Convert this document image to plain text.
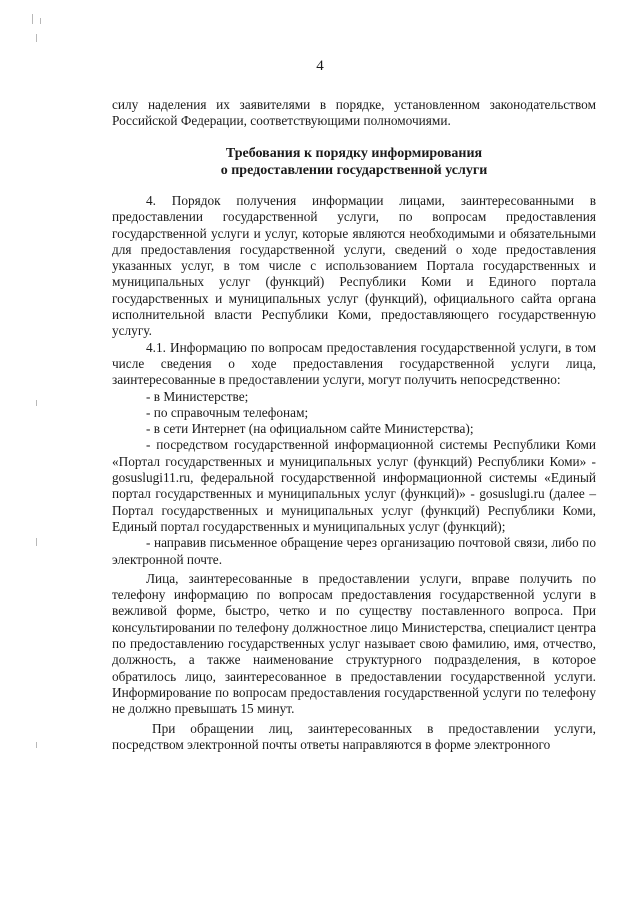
4

силу наделения их заявителями в порядке, установленном законодательством Российской Федерации, соответствующими полномочиями.

Требования к порядку информирования
о предоставлении государственной услуги

4. Порядок получения информации лицами, заинтересованными в предоставлении государственной услуги, по вопросам предоставления государственной услуги и услуг, которые являются необходимыми и обязательными для предоставления государственной услуги, сведений о ходе предоставления указанных услуг, в том числе с использованием Портала государственных и муниципальных услуг (функций) Республики Коми и Единого портала государственных и муниципальных услуг (функций), официального сайта органа исполнительной власти Республики Коми, предоставляющего государственную услугу.

4.1. Информацию по вопросам предоставления государственной услуги, в том числе сведения о ходе предоставления государственной услуги лица, заинтересованные в предоставлении услуги, могут получить непосредственно:

- в Министерстве;

- по справочным телефонам;

- в сети Интернет (на официальном сайте Министерства);

- посредством государственной информационной системы Республики Коми «Портал государственных и муниципальных услуг (функций) Республики Коми» - gosuslugi11.ru, федеральной государственной информационной системы «Единый портал государственных и муниципальных услуг (функций)» - gosuslugi.ru (далее – Портал государственных и муниципальных услуг (функций) Республики Коми, Единый портал государственных и муниципальных услуг (функций);

- направив письменное обращение через организацию почтовой связи, либо по электронной почте.

Лица, заинтересованные в предоставлении услуги, вправе получить по телефону информацию по вопросам предоставления государственной услуги в вежливой форме, быстро, четко и по существу поставленного вопроса. При консультировании по телефону должностное лицо Министерства, специалист центра по предоставлению государственных услуг называет свою фамилию, имя, отчество, должность, а также наименование структурного подразделения, в которое обратилось лицо, заинтересованное в предоставлении государственной услуги. Информирование по вопросам предоставления государственной услуги по телефону не должно превышать 15 минут.

При обращении лиц, заинтересованных в предоставлении услуги, посредством электронной почты ответы направляются в форме электронного
